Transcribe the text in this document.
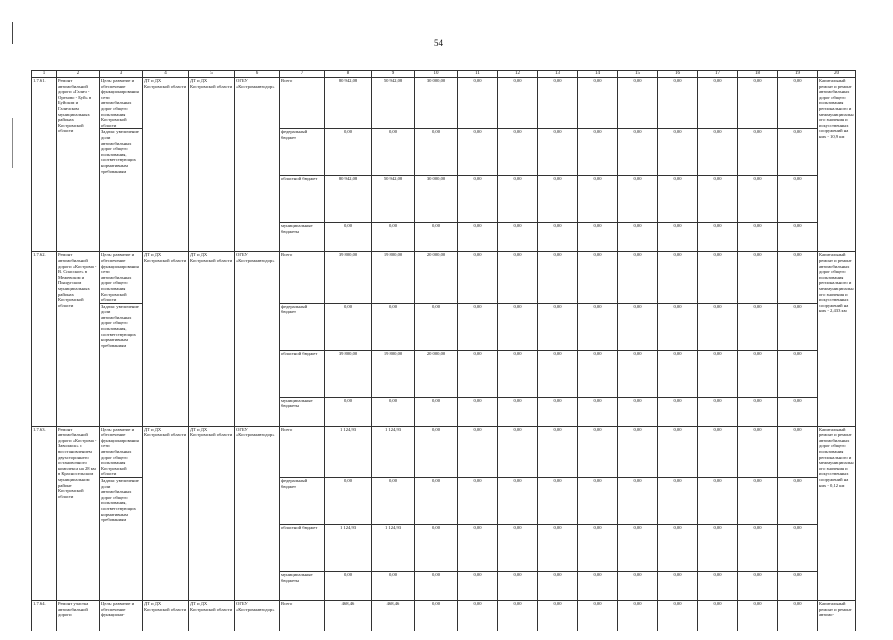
54
1	2	3	4	5	6	7	8	9	10	11	12	13	14	15	16	17	18	19	20
1.7.61.	Ремонт автомобильной дороги «Галич - Орехово - Буй» в Буйском и Галичском муниципальных районах Костромской области	Цель: развитие и обеспечение функционирования сети автомобильных дорог общего пользования Костромской области	ДТ и ДХ Костромской области	ДТ и ДХ Костромской области	ОГБУ «Костромаавтодор»	Всего	80 942,08	50 942,08	30 000,00	0,00	0,00	0,00	0,00	0,00	0,00	0,00	0,00	0,00	Капитальный ремонт и ремонт автомобильных дорог общего пользования регионального и межмуниципального значения и искусственных сооружений на них - 10,9 км
		Задача: увеличение доли автомобильных дорог общего пользования, соответствующих нормативным требованиям				федеральный бюджет	0,00	0,00	0,00	0,00	0,00	0,00	0,00	0,00	0,00	0,00	0,00	0,00	
						областной бюджет	80 942,08	50 942,08	30 000,00	0,00	0,00	0,00	0,00	0,00	0,00	0,00	0,00	0,00	
						муниципальные бюджеты	0,00	0,00	0,00	0,00	0,00	0,00	0,00	0,00	0,00	0,00	0,00	0,00	
1.7.62.	Ремонт автомобильной дороги «Кострома - В. Спасское» в Межевском и Пыщугском муниципальных районах Костромской области	Цель: развитие и обеспечение функционирования сети автомобильных дорог общего пользования Костромской области	ДТ и ДХ Костромской области	ДТ и ДХ Костромской области	ОГБУ «Костромаавтодор»	Всего	39 800,00	19 800,00	20 000,00	0,00	0,00	0,00	0,00	0,00	0,00	0,00	0,00	0,00	Капитальный ремонт и ремонт автомобильных дорог общего пользования регионального и межмуниципального значения и искусственных сооружений на них - 2,433 км
		Задача: увеличение доли автомобильных дорог общего пользования, соответствующих нормативным требованиям				федеральный бюджет	0,00	0,00	0,00	0,00	0,00	0,00	0,00	0,00	0,00	0,00	0,00	0,00	
						областной бюджет	39 800,00	19 800,00	20 000,00	0,00	0,00	0,00	0,00	0,00	0,00	0,00	0,00	0,00	
						муниципальные бюджеты	0,00	0,00	0,00	0,00	0,00	0,00	0,00	0,00	0,00	0,00	0,00	0,00	
1.7.63.	Ремонт автомобильной дороги «Кострома - Заволжск» с восстановлением двухстороннего остановочного комплекса на 28 км в Красносельском муниципальном районе Костромской области	Цель: развитие и обеспечение функционирования сети автомобильных дорог общего пользования Костромской области	ДТ и ДХ Костромской области	ДТ и ДХ Костромской области	ОГБУ «Костромаавтодор»	Всего	1 124,93	1 124,93	0,00	0,00	0,00	0,00	0,00	0,00	0,00	0,00	0,00	0,00	Капитальный ремонт и ремонт автомобильных дорог общего пользования регионального и межмуниципального значения и искусственных сооружений на них - 0,12 км
		Задача: увеличение доли автомобильных дорог общего пользования, соответствующих нормативным требованиям				федеральный бюджет	0,00	0,00	0,00	0,00	0,00	0,00	0,00	0,00	0,00	0,00	0,00	0,00	
						областной бюджет	1 124,93	1 124,93	0,00	0,00	0,00	0,00	0,00	0,00	0,00	0,00	0,00	0,00	
						муниципальные бюджеты	0,00	0,00	0,00	0,00	0,00	0,00	0,00	0,00	0,00	0,00	0,00	0,00	
1.7.64.	Ремонт участка автомобильной дороги	Цель: развитие и обеспечение функциони-	ДТ и ДХ Костромской области	ДТ и ДХ Костромской области	ОГБУ «Костромаавтодор»	Всего	468,46	468,46	0,00	0,00	0,00	0,00	0,00	0,00	0,00	0,00	0,00	0,00	Капитальный ремонт и ремонт автомо-
